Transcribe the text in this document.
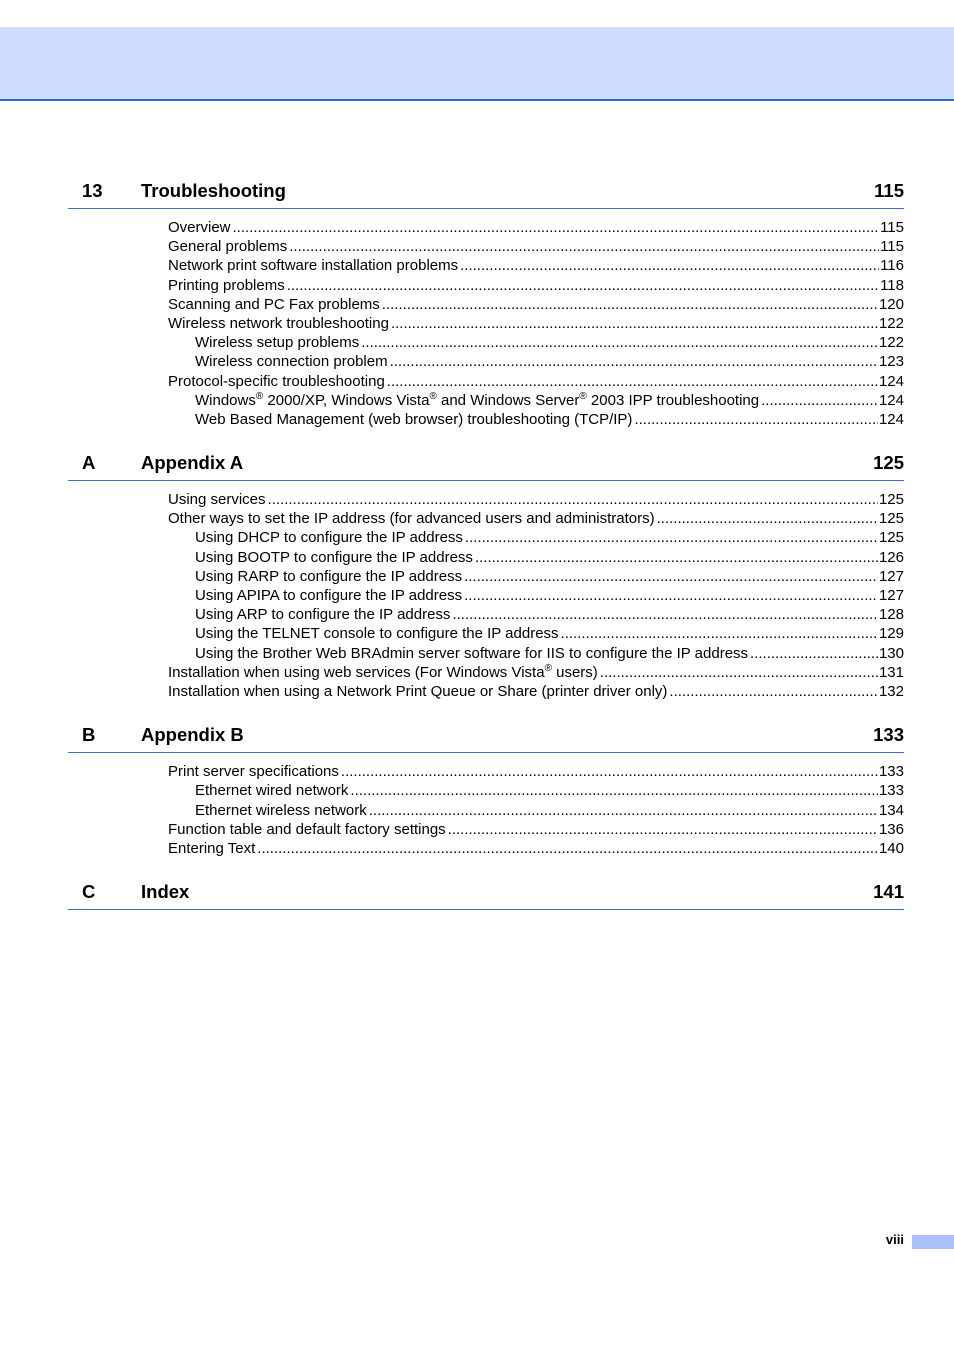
13	Troubleshooting	115
Overview .....	115
General problems .....	115
Network print software installation problems .....	116
Printing problems .....	118
Scanning and PC Fax problems .....	120
Wireless network troubleshooting .....	122
Wireless setup problems .....	122
Wireless connection problem .....	123
Protocol-specific troubleshooting .....	124
Windows® 2000/XP, Windows Vista® and Windows Server® 2003 IPP troubleshooting .....	124
Web Based Management (web browser) troubleshooting (TCP/IP) .....	124
A	Appendix A	125
Using services .....	125
Other ways to set the IP address (for advanced users and administrators) .....	125
Using DHCP to configure the IP address .....	125
Using BOOTP to configure the IP address .....	126
Using RARP to configure the IP address .....	127
Using APIPA to configure the IP address .....	127
Using ARP to configure the IP address .....	128
Using the TELNET console to configure the IP address .....	129
Using the Brother Web BRAdmin server software for IIS to configure the IP address .....	130
Installation when using web services (For Windows Vista® users) .....	131
Installation when using a Network Print Queue or Share (printer driver only) .....	132
B	Appendix B	133
Print server specifications .....	133
Ethernet wired network .....	133
Ethernet wireless network .....	134
Function table and default factory settings .....	136
Entering Text .....	140
C	Index	141
viii
